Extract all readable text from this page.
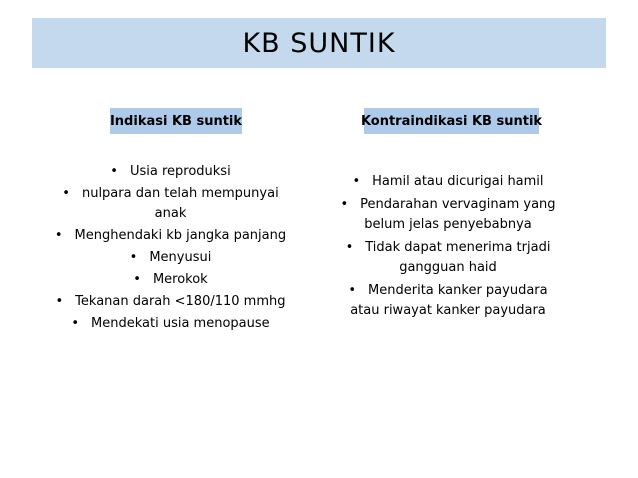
KB SUNTIK
Indikasi KB suntik	Kontraindikasi KB suntik
• Usia reproduksi
• nulpara dan telah mempunyai anak
• Menghendaki kb jangka panjang
• Menyusui
• Merokok
• Tekanan darah <180/110 mmhg
• Mendekati usia menopause
• Hamil atau dicurigai hamil
• Pendarahan vervaginam yang belum jelas penyebabnya
• Tidak dapat menerima trjadi gangguan haid
• Menderita kanker payudara atau riwayat kanker payudara
